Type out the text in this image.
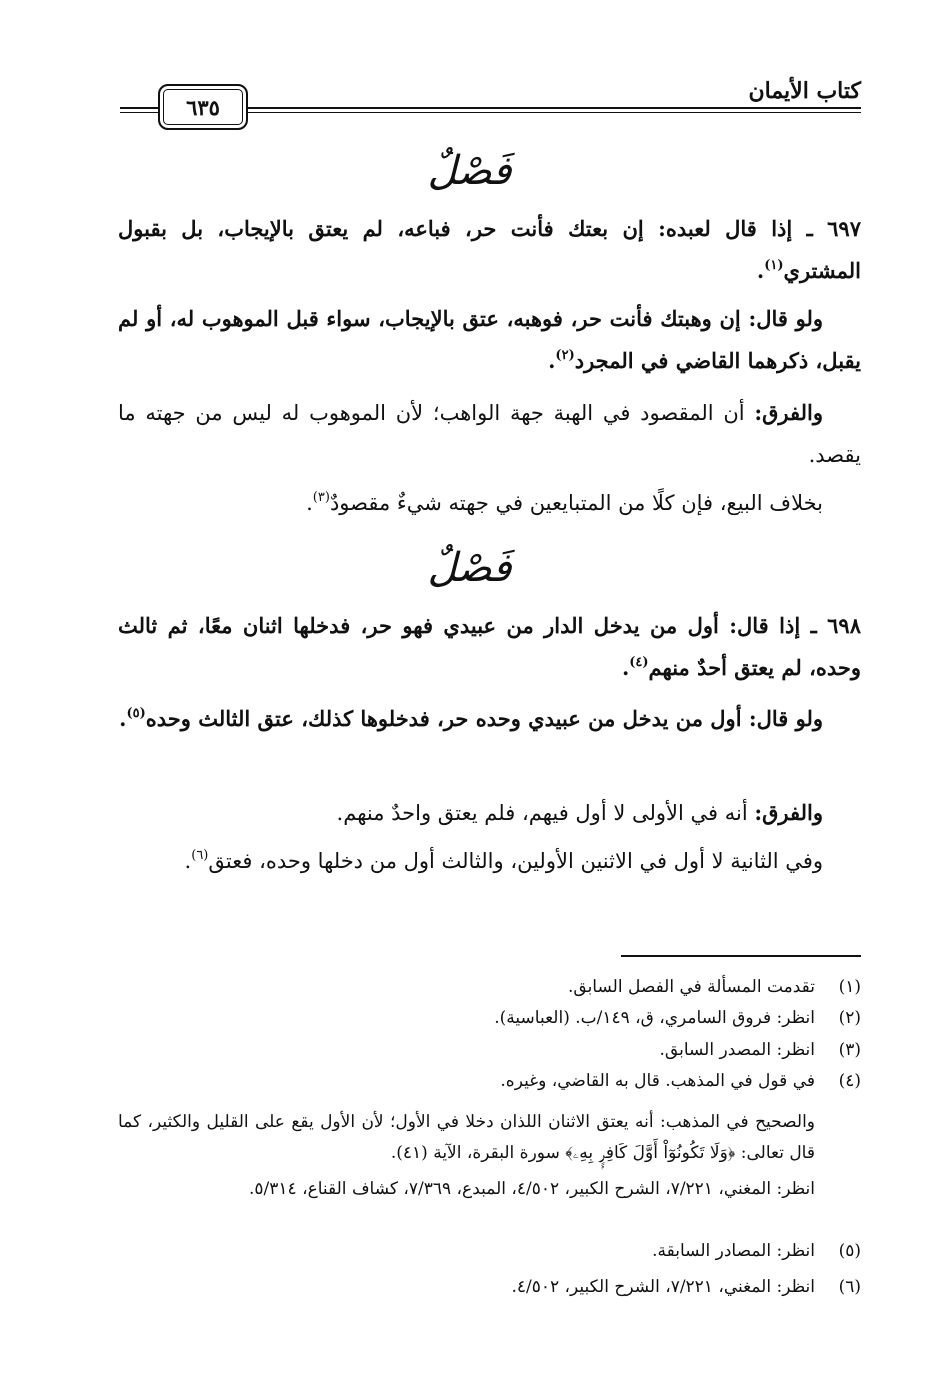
كتاب الأيمان
٦٣٥
فَصْلٌ
٦٩٧ ـ إذا قال لعبده: إن بعتك فأنت حر، فباعه، لم يعتق بالإيجاب، بل بقبول المشتري$^{(١)}$.
ولو قال: إن وهبتك فأنت حر، فوهبه، عتق بالإيجاب، سواء قبل الموهوب له، أو لم يقبل، ذكرهما القاضي في المجرد$^{(٢)}$.
والفرق: أن المقصود في الهبة جهة الواهب؛ لأن الموهوب له ليس من جهته ما يقصد.
بخلاف البيع، فإن كلًا من المتبايعين في جهته شيءٌ مقصودٌ$^{(٣)}$.
فَصْلٌ
٦٩٨ ـ إذا قال: أول من يدخل الدار من عبيدي فهو حر، فدخلها اثنان معًا، ثم ثالث وحده، لم يعتق أحدٌ منهم$^{(٤)}$.
ولو قال: أول من يدخل من عبيدي وحده حر، فدخلوها كذلك، عتق الثالث وحده$^{(٥)}$.
والفرق: أنه في الأولى لا أول فيهم، فلم يعتق واحدٌ منهم.
وفي الثانية لا أول في الاثنين الأولين، والثالث أول من دخلها وحده، فعتق$^{(٦)}$.
(١)تقدمت المسألة في الفصل السابق.
(٢)انظر: فروق السامري، ق، ١٤٩/ب. (العباسية).
(٣)انظر: المصدر السابق.
(٤)في قول في المذهب. قال به القاضي، وغيره.
والصحيح في المذهب: أنه يعتق الاثنان اللذان دخلا في الأول؛ لأن الأول يقع على القليل والكثير، كما قال تعالى: ﴿وَلَا تَكُونُوٓاْ أَوَّلَ كَافِرٍۭ بِهِۦ﴾ سورة البقرة، الآية (٤١).
انظر: المغني، ٧/٢٢١، الشرح الكبير، ٤/٥٠٢، المبدع، ٧/٣٦٩، كشاف القناع، ٥/٣١٤.
(٥)انظر: المصادر السابقة.
(٦)انظر: المغني، ٧/٢٢١، الشرح الكبير، ٤/٥٠٢.
